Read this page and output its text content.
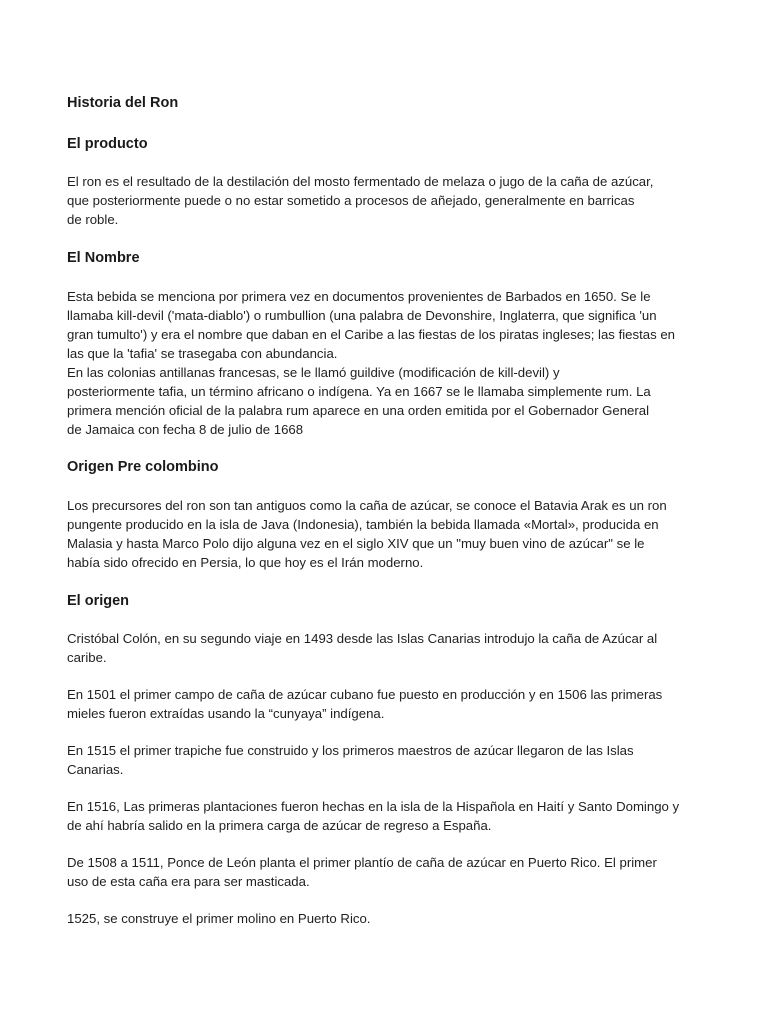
Historia del Ron
El producto

El ron es el resultado de la destilación del mosto fermentado de melaza o jugo de la caña de azúcar,

que posteriormente puede o no estar sometido a procesos de añejado, generalmente en barricas

de roble.

El Nombre

Esta bebida se menciona por primera vez en documentos provenientes de Barbados en 1650. Se le

llamaba kill-devil ('mata-diablo') o rumbullion (una palabra de Devonshire, Inglaterra, que significa 'un

gran tumulto') y era el nombre que daban en el Caribe a las fiestas de los piratas ingleses; las fiestas en

las que la 'tafia' se trasegaba con abundancia.

En las colonias antillanas francesas, se le llamó guildive (modificación de kill-devil) y

posteriormente tafia, un término africano o indígena. Ya en 1667 se le llamaba simplemente rum. La

primera mención oficial de la palabra rum aparece en una orden emitida por el Gobernador General

de Jamaica con fecha 8 de julio de 1668

Origen Pre colombino

Los precursores del ron son tan antiguos como la caña de azúcar, se conoce el Batavia Arak es un ron

pungente producido en la isla de Java (Indonesia), también la bebida llamada «Mortal», producida en

Malasia y hasta Marco Polo dijo alguna vez en el siglo XIV que un "muy buen vino de azúcar" se le

había sido ofrecido en Persia, lo que hoy es el Irán moderno.

El origen

Cristóbal Colón, en su segundo viaje en 1493 desde las Islas Canarias introdujo la caña de Azúcar al

caribe.

En 1501 el primer campo de caña de azúcar cubano fue puesto en producción y en 1506 las primeras

mieles fueron extraídas usando la “cunyaya” indígena.

En 1515 el primer trapiche fue construido y los primeros maestros de azúcar llegaron de las Islas

Canarias.

En 1516, Las primeras plantaciones fueron hechas en la isla de la Hispañola en Haití y Santo Domingo y

de ahí habría salido en la primera carga de azúcar de regreso a España.

De 1508 a 1511, Ponce de León planta el primer plantío de caña de azúcar en Puerto Rico. El primer

uso de esta caña era para ser masticada.

1525, se construye el primer molino en Puerto Rico.
